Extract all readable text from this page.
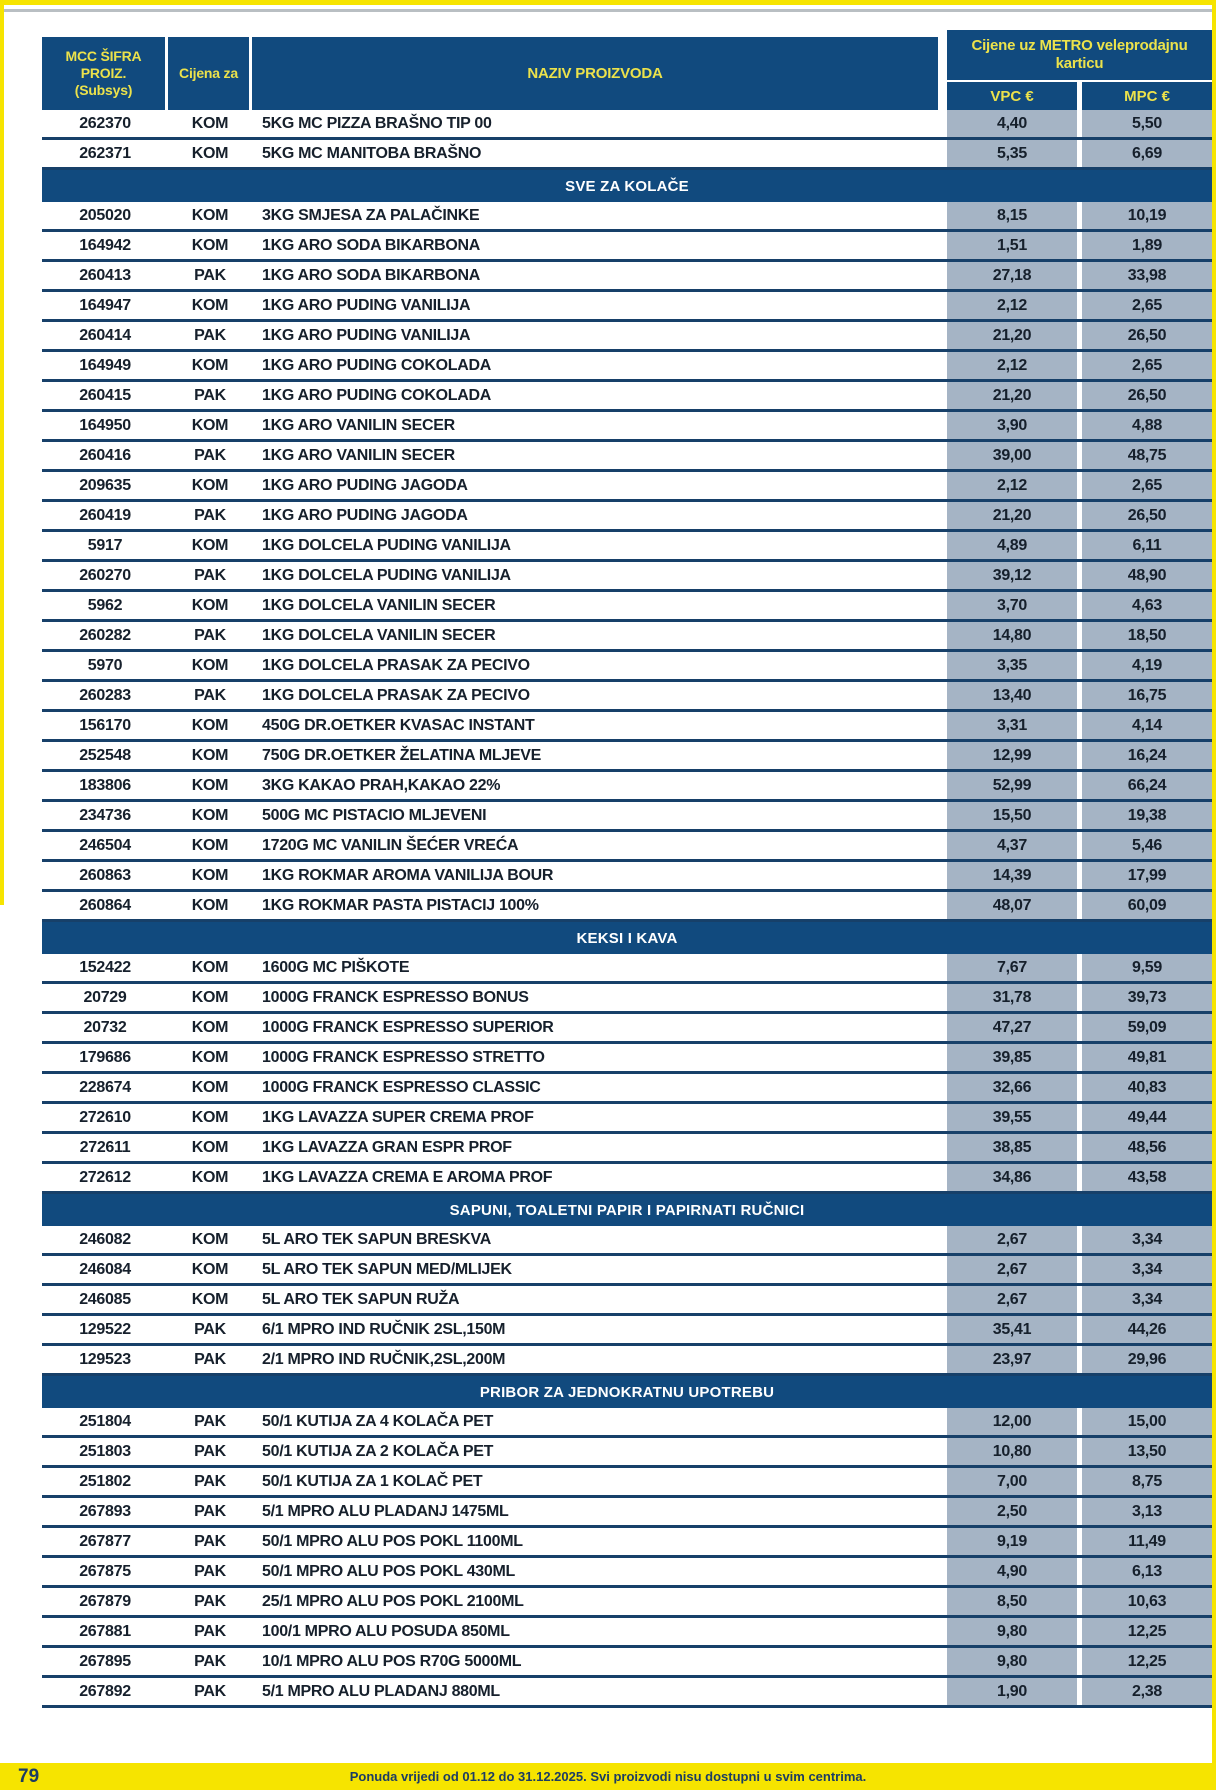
MCC ŠIFRA PROIZ.
(Subsys)
Cijena za	NAZIV PROIZVODA
Cijene uz METRO veleprodajnu
karticu
VPC €	MPC €
262370	KOM	5KG MC PIZZA BRAŠNO TIP 00	4,40	5,50
262371	KOM	5KG MC MANITOBA BRAŠNO	5,35	6,69
SVE ZA KOLAČE
205020	KOM	3KG SMJESA ZA PALAČINKE	8,15	10,19
164942	KOM	1KG ARO SODA BIKARBONA	1,51	1,89
260413	PAK	1KG ARO SODA BIKARBONA	27,18	33,98
164947	KOM	1KG ARO PUDING VANILIJA	2,12	2,65
260414	PAK	1KG ARO PUDING VANILIJA	21,20	26,50
164949	KOM	1KG ARO PUDING COKOLADA	2,12	2,65
260415	PAK	1KG ARO PUDING COKOLADA	21,20	26,50
164950	KOM	1KG ARO VANILIN SECER	3,90	4,88
260416	PAK	1KG ARO VANILIN SECER	39,00	48,75
209635	KOM	1KG ARO PUDING JAGODA	2,12	2,65
260419	PAK	1KG ARO PUDING JAGODA	21,20	26,50
5917	KOM	1KG DOLCELA PUDING VANILIJA	4,89	6,11
260270	PAK	1KG DOLCELA PUDING VANILIJA	39,12	48,90
5962	KOM	1KG DOLCELA VANILIN SECER	3,70	4,63
260282	PAK	1KG DOLCELA VANILIN SECER	14,80	18,50
5970	KOM	1KG DOLCELA PRASAK ZA PECIVO	3,35	4,19
260283	PAK	1KG DOLCELA PRASAK ZA PECIVO	13,40	16,75
156170	KOM	450G DR.OETKER KVASAC INSTANT	3,31	4,14
252548	KOM	750G DR.OETKER ŽELATINA MLJEVE	12,99	16,24
183806	KOM	3KG KAKAO PRAH,KAKAO 22%	52,99	66,24
234736	KOM	500G MC PISTACIO MLJEVENI	15,50	19,38
246504	KOM	1720G MC VANILIN ŠEĆER VREĆA	4,37	5,46
260863	KOM	1KG ROKMAR AROMA VANILIJA BOUR	14,39	17,99
260864	KOM	1KG ROKMAR PASTA PISTACIJ 100%	48,07	60,09
KEKSI I KAVA
152422	KOM	1600G MC PIŠKOTE	7,67	9,59
20729	KOM	1000G FRANCK ESPRESSO BONUS	31,78	39,73
20732	KOM	1000G FRANCK ESPRESSO SUPERIOR	47,27	59,09
179686	KOM	1000G FRANCK ESPRESSO STRETTO	39,85	49,81
228674	KOM	1000G FRANCK ESPRESSO CLASSIC	32,66	40,83
272610	KOM	1KG LAVAZZA SUPER CREMA PROF	39,55	49,44
272611	KOM	1KG LAVAZZA GRAN ESPR PROF	38,85	48,56
272612	KOM	1KG LAVAZZA CREMA E AROMA PROF	34,86	43,58
SAPUNI, TOALETNI PAPIR I PAPIRNATI RUČNICI
246082	KOM	5L ARO TEK SAPUN BRESKVA	2,67	3,34
246084	KOM	5L ARO TEK SAPUN MED/MLIJEK	2,67	3,34
246085	KOM	5L ARO TEK SAPUN RUŽA	2,67	3,34
129522	PAK	6/1 MPRO IND RUČNIK 2SL,150M	35,41	44,26
129523	PAK	2/1 MPRO IND RUČNIK,2SL,200M	23,97	29,96
PRIBOR ZA JEDNOKRATNU UPOTREBU
251804	PAK	50/1 KUTIJA ZA 4 KOLAČA PET	12,00	15,00
251803	PAK	50/1 KUTIJA ZA 2 KOLAČA PET	10,80	13,50
251802	PAK	50/1 KUTIJA ZA 1 KOLAČ PET	7,00	8,75
267893	PAK	5/1 MPRO ALU PLADANJ 1475ML	2,50	3,13
267877	PAK	50/1 MPRO ALU POS POKL 1100ML	9,19	11,49
267875	PAK	50/1 MPRO ALU POS POKL 430ML	4,90	6,13
267879	PAK	25/1 MPRO ALU POS POKL 2100ML	8,50	10,63
267881	PAK	100/1 MPRO ALU POSUDA 850ML	9,80	12,25
267895	PAK	10/1 MPRO ALU POS R70G 5000ML	9,80	12,25
267892	PAK	5/1 MPRO ALU PLADANJ 880ML	1,90	2,38
79	Ponuda vrijedi od 01.12 do 31.12.2025. Svi proizvodi nisu dostupni u svim centrima.
